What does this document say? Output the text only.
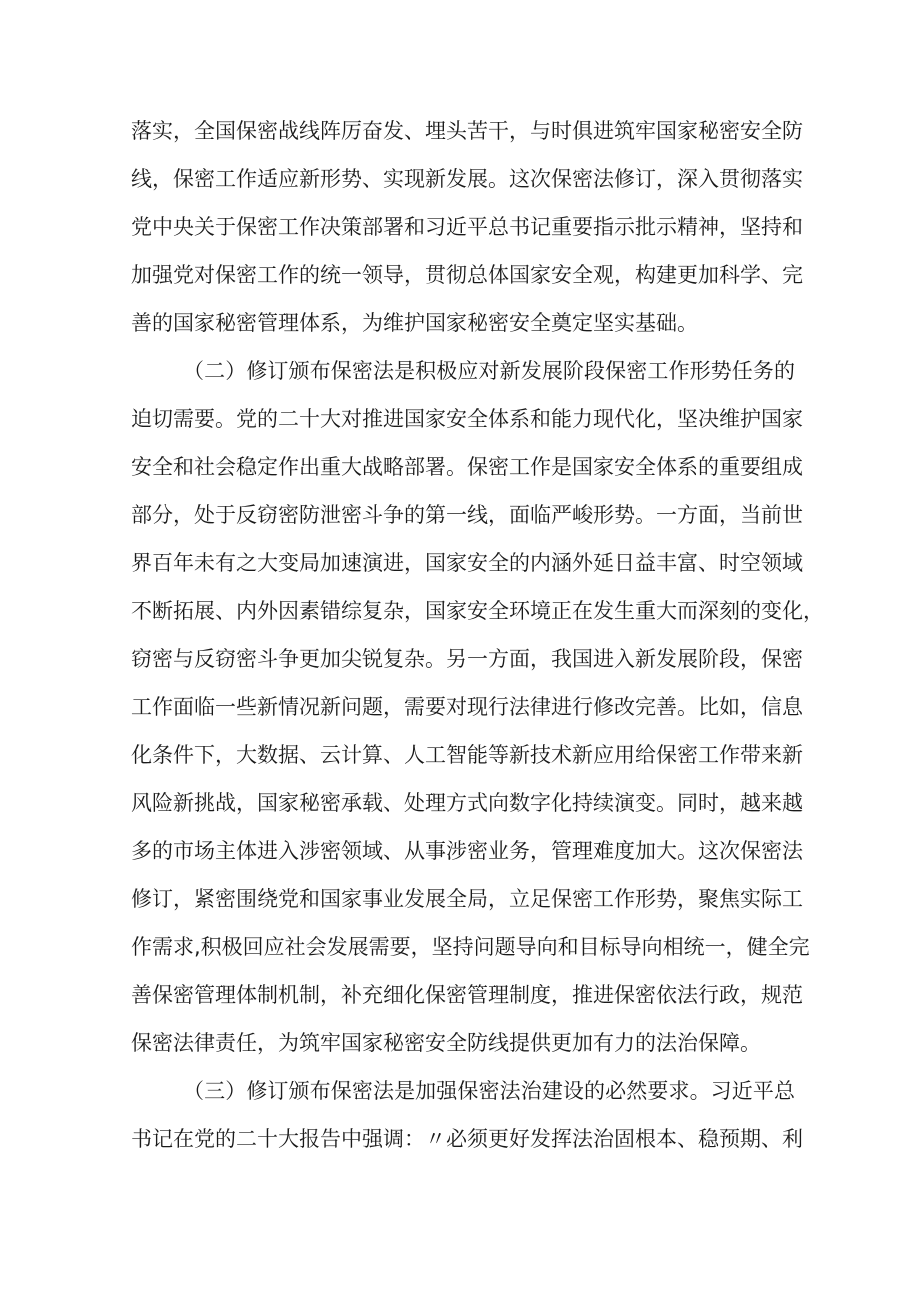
落实，全国保密战线阵厉奋发、埋头苦干，与时俱进筑牢国家秘密安全防
线，保密工作适应新形势、实现新发展。这次保密法修订，深入贯彻落实
党中央关于保密工作决策部署和习近平总书记重要指示批示精神，坚持和
加强党对保密工作的统一领导，贯彻总体国家安全观，构建更加科学、完
善的国家秘密管理体系，为维护国家秘密安全奠定坚实基础。
（二）修订颁布保密法是积极应对新发展阶段保密工作形势任务的
迫切需要。党的二十大对推进国家安全体系和能力现代化，坚决维护国家
安全和社会稳定作出重大战略部署。保密工作是国家安全体系的重要组成
部分，处于反窃密防泄密斗争的第一线，面临严峻形势。一方面，当前世
界百年未有之大变局加速演进，国家安全的内涵外延日益丰富、时空领域
不断拓展、内外因素错综复杂，国家安全环境正在发生重大而深刻的变化，
窃密与反窃密斗争更加尖锐复杂。另一方面，我国进入新发展阶段，保密
工作面临一些新情况新问题，需要对现行法律进行修改完善。比如，信息
化条件下，大数据、云计算、人工智能等新技术新应用给保密工作带来新
风险新挑战，国家秘密承载、处理方式向数字化持续演变。同时，越来越
多的市场主体进入涉密领域、从事涉密业务，管理难度加大。这次保密法
修订，紧密围绕党和国家事业发展全局，立足保密工作形势，聚焦实际工
作需求,积极回应社会发展需要，坚持问题导向和目标导向相统一，健全完
善保密管理体制机制，补充细化保密管理制度，推进保密依法行政，规范
保密法律责任，为筑牢国家秘密安全防线提供更加有力的法治保障。
（三）修订颁布保密法是加强保密法治建设的必然要求。习近平总
书记在党的二十大报告中强调：〃必须更好发挥法治固根本、稳预期、利
